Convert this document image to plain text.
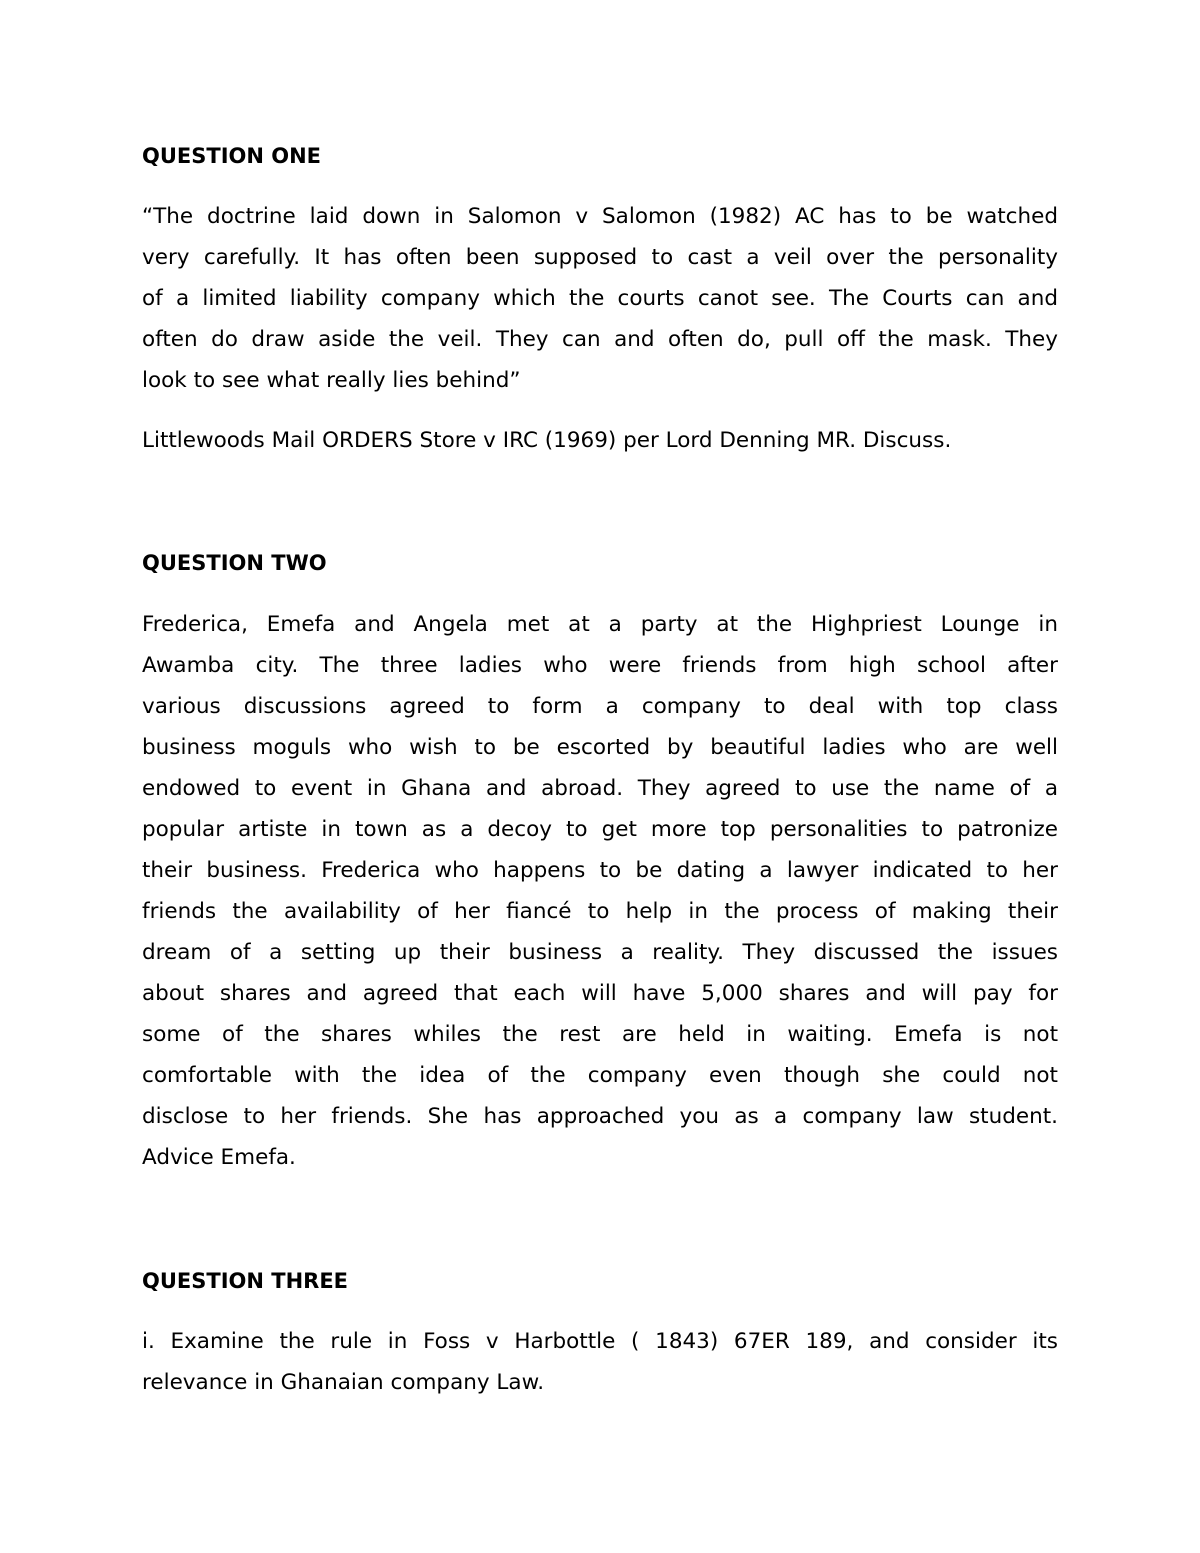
QUESTION ONE
“The doctrine laid down in Salomon v Salomon (1982) AC has to be watched
very carefully. It has often been supposed to cast a veil over the personality
of a limited liability company which the courts canot see. The Courts can and
often do draw aside the veil. They can and often do, pull off the mask. They
look to see what really lies behind”
Littlewoods Mail ORDERS Store v IRC (1969) per Lord Denning MR. Discuss.
QUESTION TWO
Frederica, Emefa and Angela met at a party at the Highpriest Lounge in
Awamba city. The three ladies who were friends from high school after
various discussions agreed to form a company to deal with top class
business moguls who wish to be escorted by beautiful ladies who are well
endowed to event in Ghana and abroad. They agreed to use the name of a
popular artiste in town as a decoy to get more top personalities to patronize
their business. Frederica who happens to be dating a lawyer indicated to her
friends the availability of her fiancé to help in the process of making their
dream of a setting up their business a reality. They discussed the issues
about shares and agreed that each will have 5,000 shares and will pay for
some of the shares whiles the rest are held in waiting. Emefa is not
comfortable with the idea of the company even though she could not
disclose to her friends. She has approached you as a company law student.
Advice Emefa.
QUESTION THREE
i. Examine the rule in Foss v Harbottle ( 1843) 67ER 189, and consider its
relevance in Ghanaian company Law.
